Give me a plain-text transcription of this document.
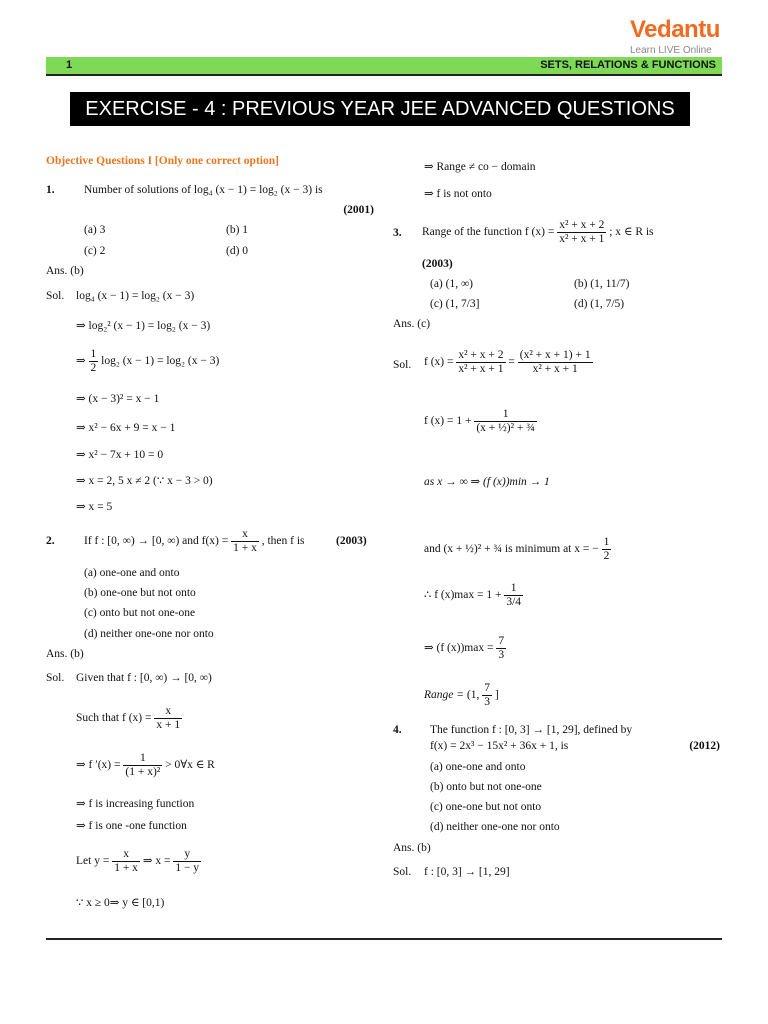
Vedantu
Learn LIVE Online
1	SETS, RELATIONS & FUNCTIONS
EXERCISE - 4 : PREVIOUS YEAR JEE ADVANCED QUESTIONS
Objective Questions I [Only one correct option]
1.	Number of solutions of log₄ (x − 1) = log₂ (x − 3) is
(2001)
(a) 3	(b) 1
(c) 2	(d) 0
Ans. (b)
Sol. log₄ (x − 1) = log₂ (x − 3)
⇒ log₂² (x − 1) = log₂ (x − 3)
⇒ $\frac{1}{2} \log_2$ (x − 1) = log₂ (x − 3)
⇒ (x − 3)² = x − 1
⇒ x² − 6x + 9 = x − 1
⇒ x² − 7x + 10 = 0
⇒ x = 2, 5 x ≠ 2 (∵ x − 3 > 0)
⇒ x = 5
2.	If f : [0, ∞) → [0, ∞) and $f(x) = \frac{x}{1 + x}$ , then f is	(2003)
(a) one-one and onto
(b) one-one but not onto
(c) onto but not one-one
(d) neither one-one nor onto
Ans. (b)
Sol. Given that f : [0, ∞) → [0, ∞)
Such that f $(x) = \frac{x}{x + 1}$
⇒ f $'(x) = \frac{1}{\text{(1 + x)²}}$ > 0∀x ∈ R
⇒ f is increasing function
⇒ f is one -one function
Let $y = \frac{x}{1 + x}$ ⇒ $x = \frac{y}{1 - y}$
∵ x ≥ 0⇒ y ∈ [0,1)
⇒ Range ≠ co − domain
⇒ f is not onto
3. Range of the function f $(x) = \frac{\text{x² + x + 2}}{\text{x² + x + 1}}$ ; x ∈ R is
(2003)
(a) (1, ∞)	(b) (1, 11/7)
(c) (1, 7/3]	(d) (1, 7/5)
Ans. (c)
Sol. f $(x) = \frac{\text{x² + x + 2}}{\text{x² + x + 1}} = \frac{\text{(x² + x + 1) + 1}}{\text{x² + x + 1}}$
f $(x) = 1 + \frac{1}{\text{(x + ½)² + ¾}}$
as x → ∞ ⇒ (f (x))min → 1
and (x + ½)² + ¾ is minimum at x = − $\frac{1}{2}$
∴ f $(x)\max = 1 + \frac{1}{3/4}$
⇒ (f $(x))\max = \frac{7}{3}$
Range = (1, $\frac{7}{3}$ ]
4. The function f : [0, 3] → [1, 29], defined by
f(x) = 2x³ − 15x² + 36x + 1, is	(2012)
(a) one-one and onto
(b) onto but not one-one
(c) one-one but not onto
(d) neither one-one nor onto
Ans. (b)
Sol. f : [0, 3] → [1, 29]
